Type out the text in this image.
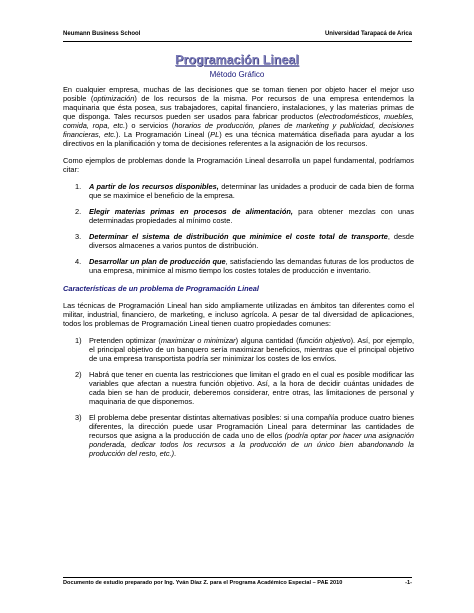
Neumann Business School	Universidad Tarapacá de Arica
Programación Lineal
Método Gráfico

En cualquier empresa, muchas de las decisiones que se toman tienen por objeto hacer el mejor uso posible (optimización) de los recursos de la misma. Por recursos de una empresa entendemos la maquinaria que ésta posea, sus trabajadores, capital financiero, instalaciones, y las materias primas de que disponga. Tales recursos pueden ser usados para fabricar productos (electrodomésticos, muebles, comida, ropa, etc.) o servicios (horarios de producción, planes de marketing y publicidad, decisiones financieras, etc.). La Programación Lineal (PL) es una técnica matemática diseñada para ayudar a los directivos en la planificación y toma de decisiones referentes a la asignación de los recursos.

Como ejemplos de problemas donde la Programación Lineal desarrolla un papel fundamental, podríamos citar:

1. A partir de los recursos disponibles, determinar las unidades a producir de cada bien de forma que se maximice el beneficio de la empresa.
2. Elegir materias primas en procesos de alimentación, para obtener mezclas con unas determinadas propiedades al mínimo coste.
3. Determinar el sistema de distribución que minimice el coste total de transporte, desde diversos almacenes a varios puntos de distribución.
4. Desarrollar un plan de producción que, satisfaciendo las demandas futuras de los productos de una empresa, minimice al mismo tiempo los costes totales de producción e inventario.

Características de un problema de Programación Lineal

Las técnicas de Programación Lineal han sido ampliamente utilizadas en ámbitos tan diferentes como el militar, industrial, financiero, de marketing, e incluso agrícola. A pesar de tal diversidad de aplicaciones, todos los problemas de Programación Lineal tienen cuatro propiedades comunes:

1) Pretenden optimizar (maximizar o minimizar) alguna cantidad (función objetivo). Así, por ejemplo, el principal objetivo de un banquero sería maximizar beneficios, mientras que el principal objetivo de una empresa transportista podría ser minimizar los costes de los envíos.
2) Habrá que tener en cuenta las restricciones que limitan el grado en el cual es posible modificar las variables que afectan a nuestra función objetivo. Así, a la hora de decidir cuántas unidades de cada bien se han de producir, deberemos considerar, entre otras, las limitaciones de personal y maquinaria de que disponemos.
3) El problema debe presentar distintas alternativas posibles: si una compañía produce cuatro bienes diferentes, la dirección puede usar Programación Lineal para determinar las cantidades de recursos que asigna a la producción de cada uno de ellos (podría optar por hacer una asignación ponderada, dedicar todos los recursos a la producción de un único bien abandonando la producción del resto, etc.).
Documento de estudio preparado por Ing. Yván Díaz Z. para el Programa Académico Especial – PAE 2010	-1-
